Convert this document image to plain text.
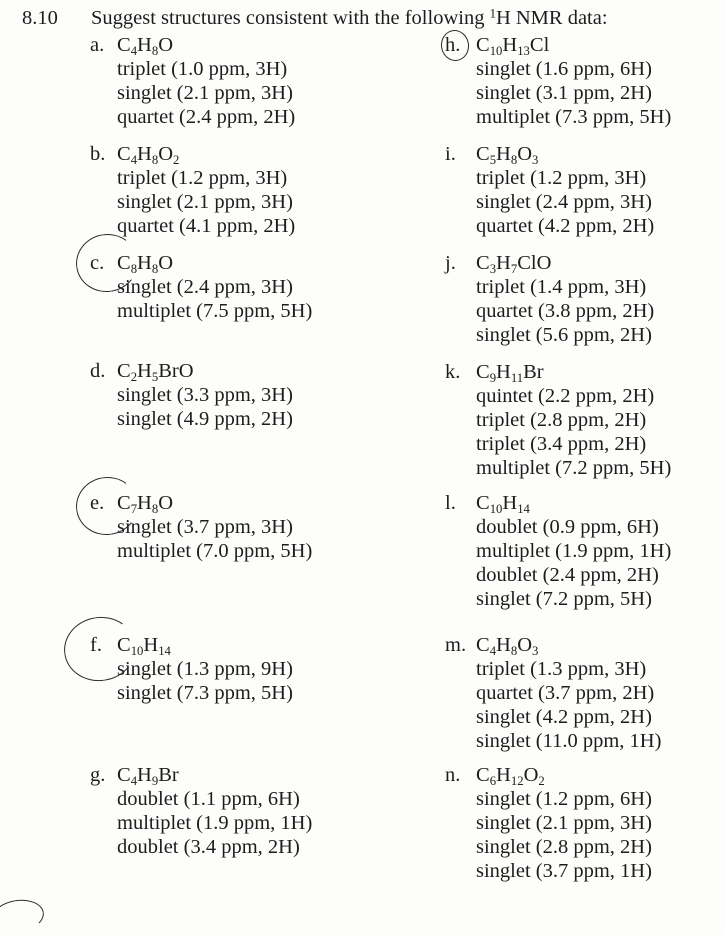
8.10 Suggest structures consistent with the following $^1$H NMR data:
a. $C_4H_8O$
triplet (1.0 ppm, 3H)
singlet (2.1 ppm, 3H)
quartet (2.4 ppm, 2H)
b. $C_4H_8O_2$
triplet (1.2 ppm, 3H)
singlet (2.1 ppm, 3H)
quartet (4.1 ppm, 2H)
c. $C_8H_8O$
singlet (2.4 ppm, 3H)
multiplet (7.5 ppm, 5H)
d. $C_2H_5BrO$
singlet (3.3 ppm, 3H)
singlet (4.9 ppm, 2H)
e. $C_7H_8O$
singlet (3.7 ppm, 3H)
multiplet (7.0 ppm, 5H)
f. $C_{10}H_{14}$
singlet (1.3 ppm, 9H)
singlet (7.3 ppm, 5H)
g. $C_4H_9Br$
doublet (1.1 ppm, 6H)
multiplet (1.9 ppm, 1H)
doublet (3.4 ppm, 2H)
h. $C_{10}H_{13}Cl$
singlet (1.6 ppm, 6H)
singlet (3.1 ppm, 2H)
multiplet (7.3 ppm, 5H)
i. $C_5H_8O_3$
triplet (1.2 ppm, 3H)
singlet (2.4 ppm, 3H)
quartet (4.2 ppm, 2H)
j. $C_3H_7ClO$
triplet (1.4 ppm, 3H)
quartet (3.8 ppm, 2H)
singlet (5.6 ppm, 2H)
k. $C_9H_{11}Br$
quintet (2.2 ppm, 2H)
triplet (2.8 ppm, 2H)
triplet (3.4 ppm, 2H)
multiplet (7.2 ppm, 5H)
l. $C_{10}H_{14}$
doublet (0.9 ppm, 6H)
multiplet (1.9 ppm, 1H)
doublet (2.4 ppm, 2H)
singlet (7.2 ppm, 5H)
m. $C_4H_8O_3$
triplet (1.3 ppm, 3H)
quartet (3.7 ppm, 2H)
singlet (4.2 ppm, 2H)
singlet (11.0 ppm, 1H)
n. $C_6H_{12}O_2$
singlet (1.2 ppm, 6H)
singlet (2.1 ppm, 3H)
singlet (2.8 ppm, 2H)
singlet (3.7 ppm, 1H)
